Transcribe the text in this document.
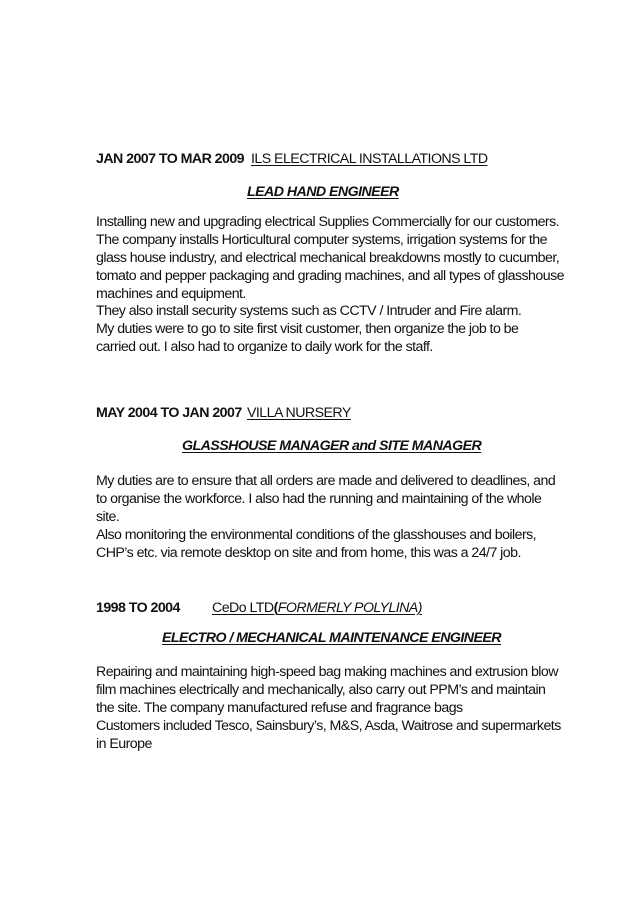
JAN 2007 TO MAR 2009 ILS ELECTRICAL INSTALLATIONS LTD
LEAD HAND ENGINEER
Installing new and upgrading electrical Supplies Commercially for our customers.
The company installs Horticultural computer systems, irrigation systems for the
glass house industry, and electrical mechanical breakdowns mostly to cucumber,
tomato and pepper packaging and grading machines, and all types of glasshouse
machines and equipment.
They also install security systems such as CCTV / Intruder and Fire alarm.
My duties were to go to site first visit customer, then organize the job to be
carried out. I also had to organize to daily work for the staff.
MAY 2004 TO JAN 2007 VILLA NURSERY
GLASSHOUSE MANAGER and SITE MANAGER
My duties are to ensure that all orders are made and delivered to deadlines, and
to organise the workforce. I also had the running and maintaining of the whole
site.
Also monitoring the environmental conditions of the glasshouses and boilers,
CHP’s etc. via remote desktop on site and from home, this was a 24/7 job.
1998 TO 2004 CeDo LTD(FORMERLY POLYLINA)
ELECTRO / MECHANICAL MAINTENANCE ENGINEER
Repairing and maintaining high-speed bag making machines and extrusion blow
film machines electrically and mechanically, also carry out PPM’s and maintain
the site. The company manufactured refuse and fragrance bags
Customers included Tesco, Sainsbury’s, M&S, Asda, Waitrose and supermarkets
in Europe
